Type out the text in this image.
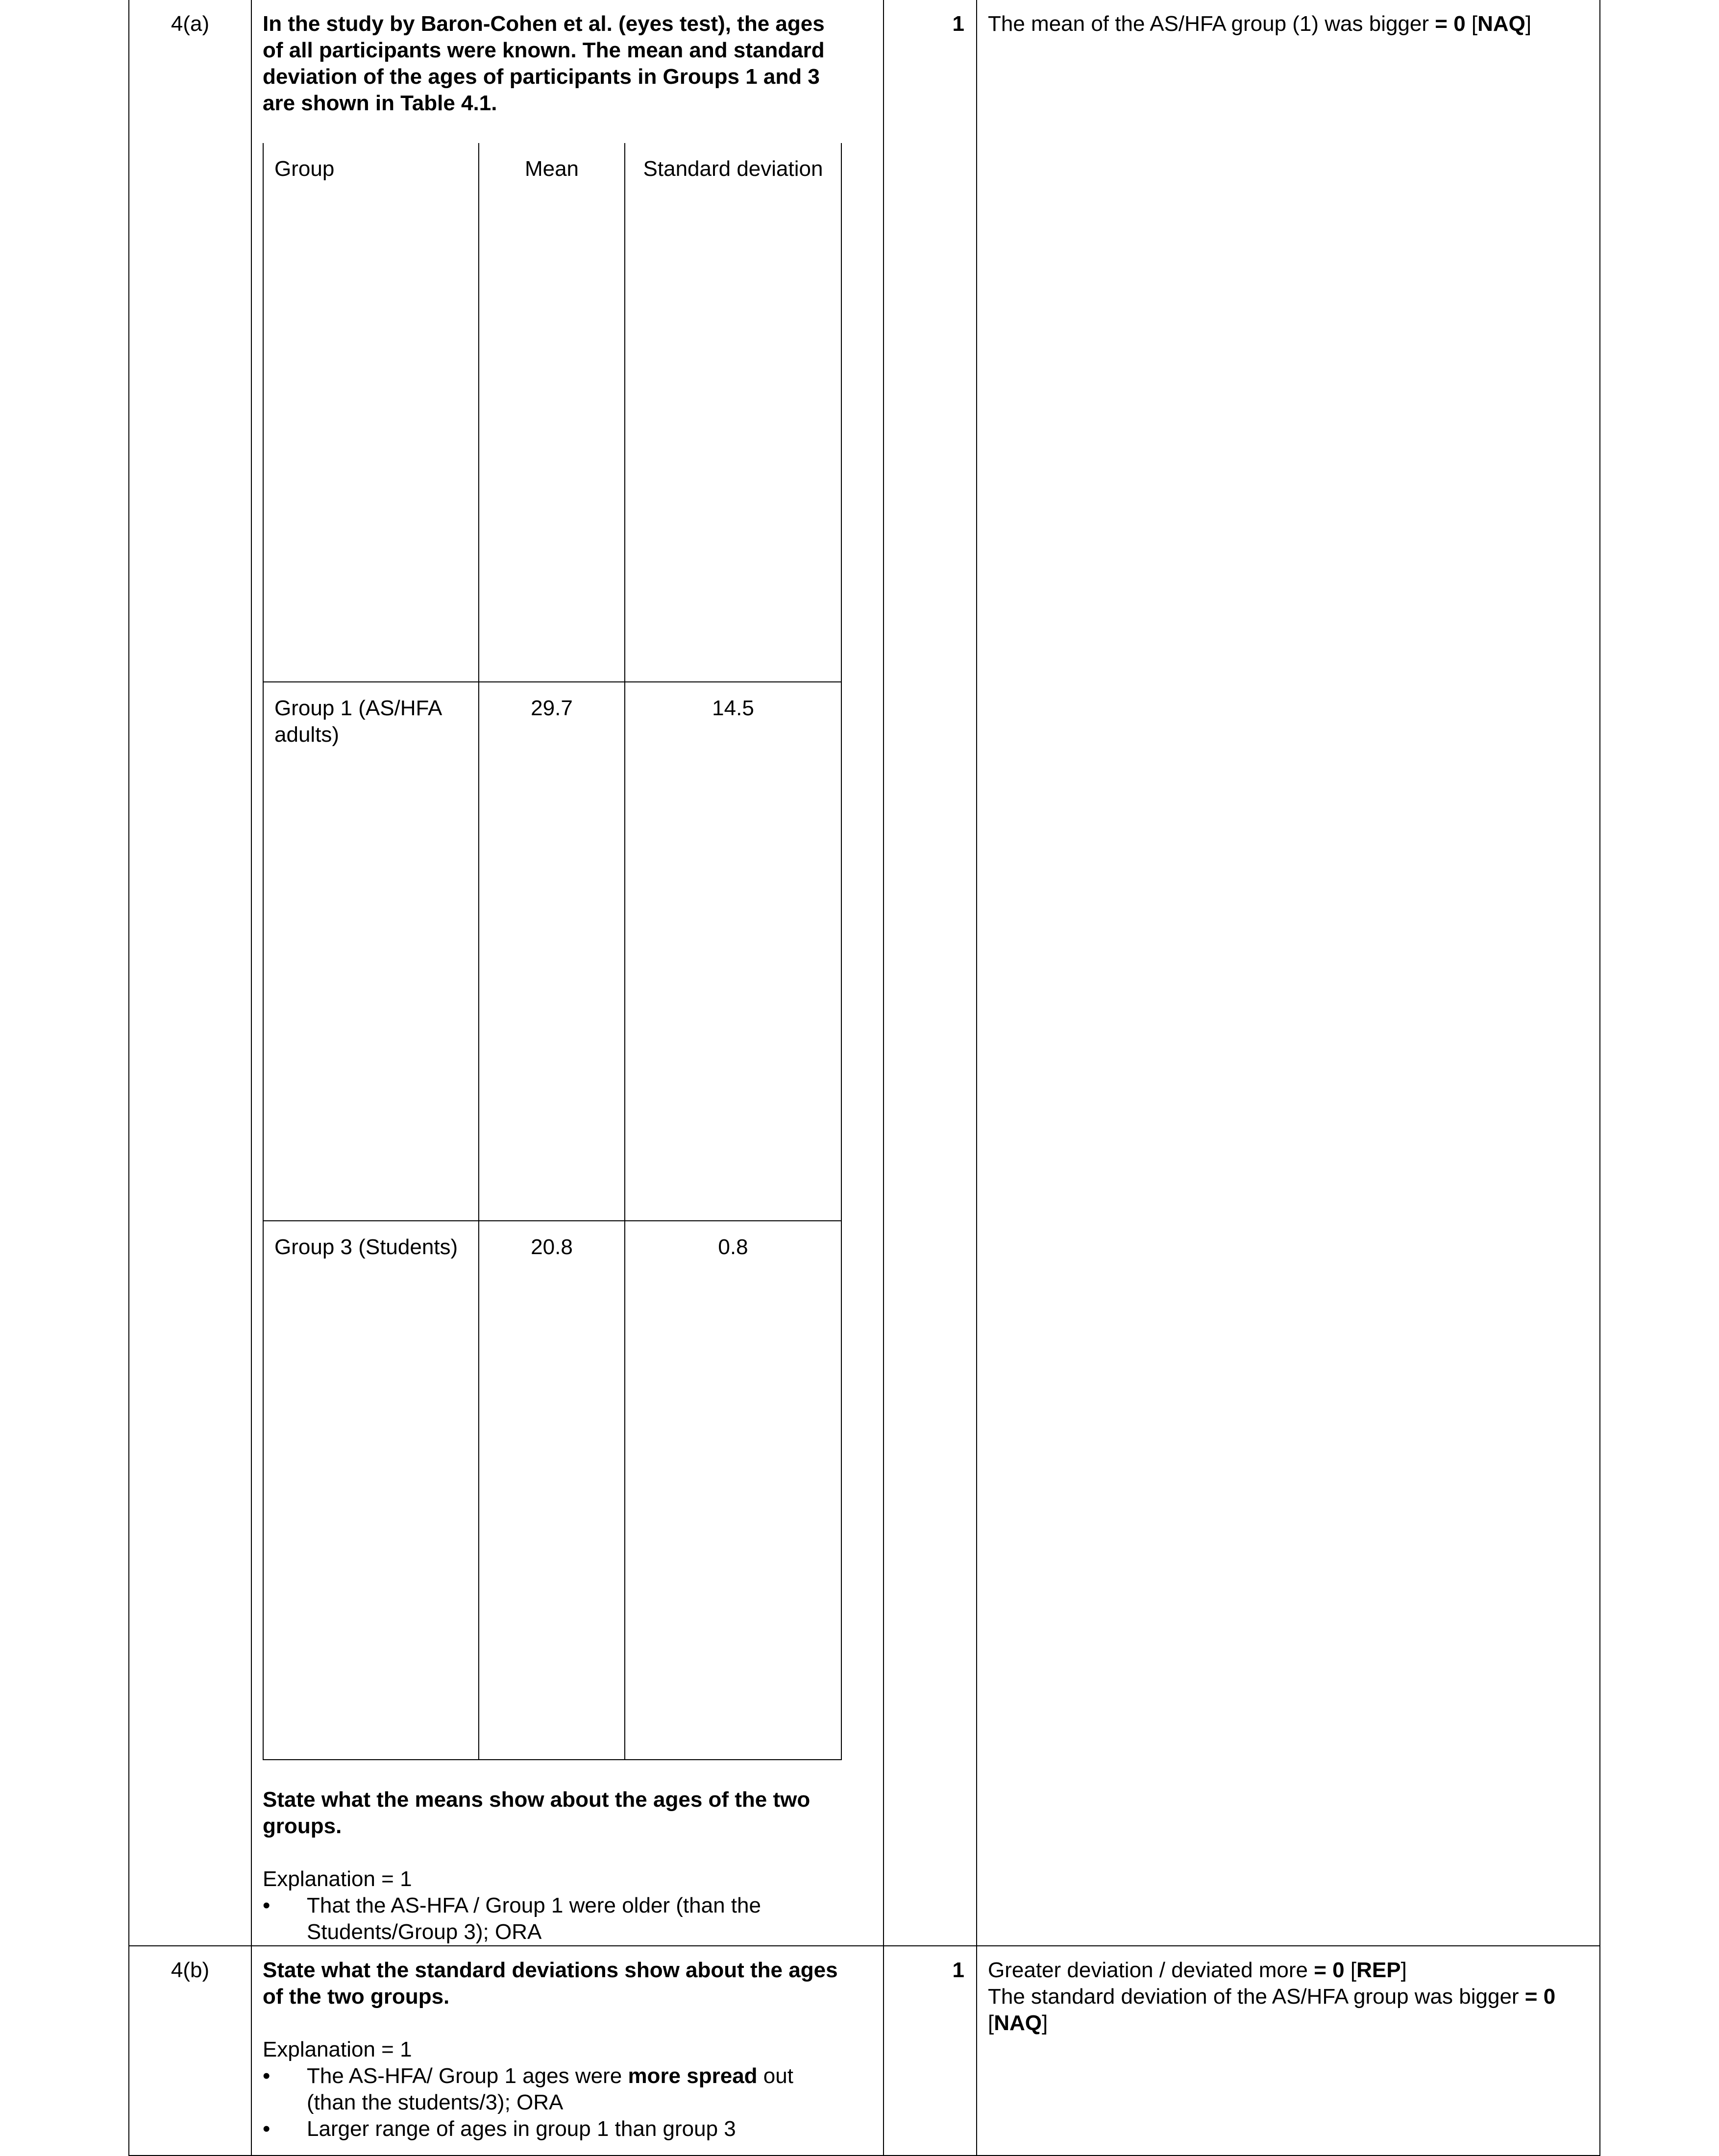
4(a)	In the study by Baron-Cohen et al. (eyes test), the ages
of all participants were known. The mean and standard
deviation of the ages of participants in Groups 1 and 3
are shown in Table 4.1.

Group	Mean	Standard deviation
Group 1 (AS/HFA
adults)	29.7	14.5
Group 3 (Students)	20.8	0.8

State what the means show about the ages of the two
groups.

Explanation = 1

• That the AS-HFA / Group 1 were older (than the
Students/Group 3); ORA
	1	The mean of the AS/HFA group (1) was bigger = 0 [NAQ]

4(b)	State what the standard deviations show about the ages
of the two groups.

Explanation = 1

• The AS-HFA/ Group 1 ages were more spread out
(than the students/3); ORA
• Larger range of ages in group 1 than group 3
	1	Greater deviation / deviated more = 0 [REP]

The standard deviation of the AS/HFA group was bigger = 0
[NAQ]
